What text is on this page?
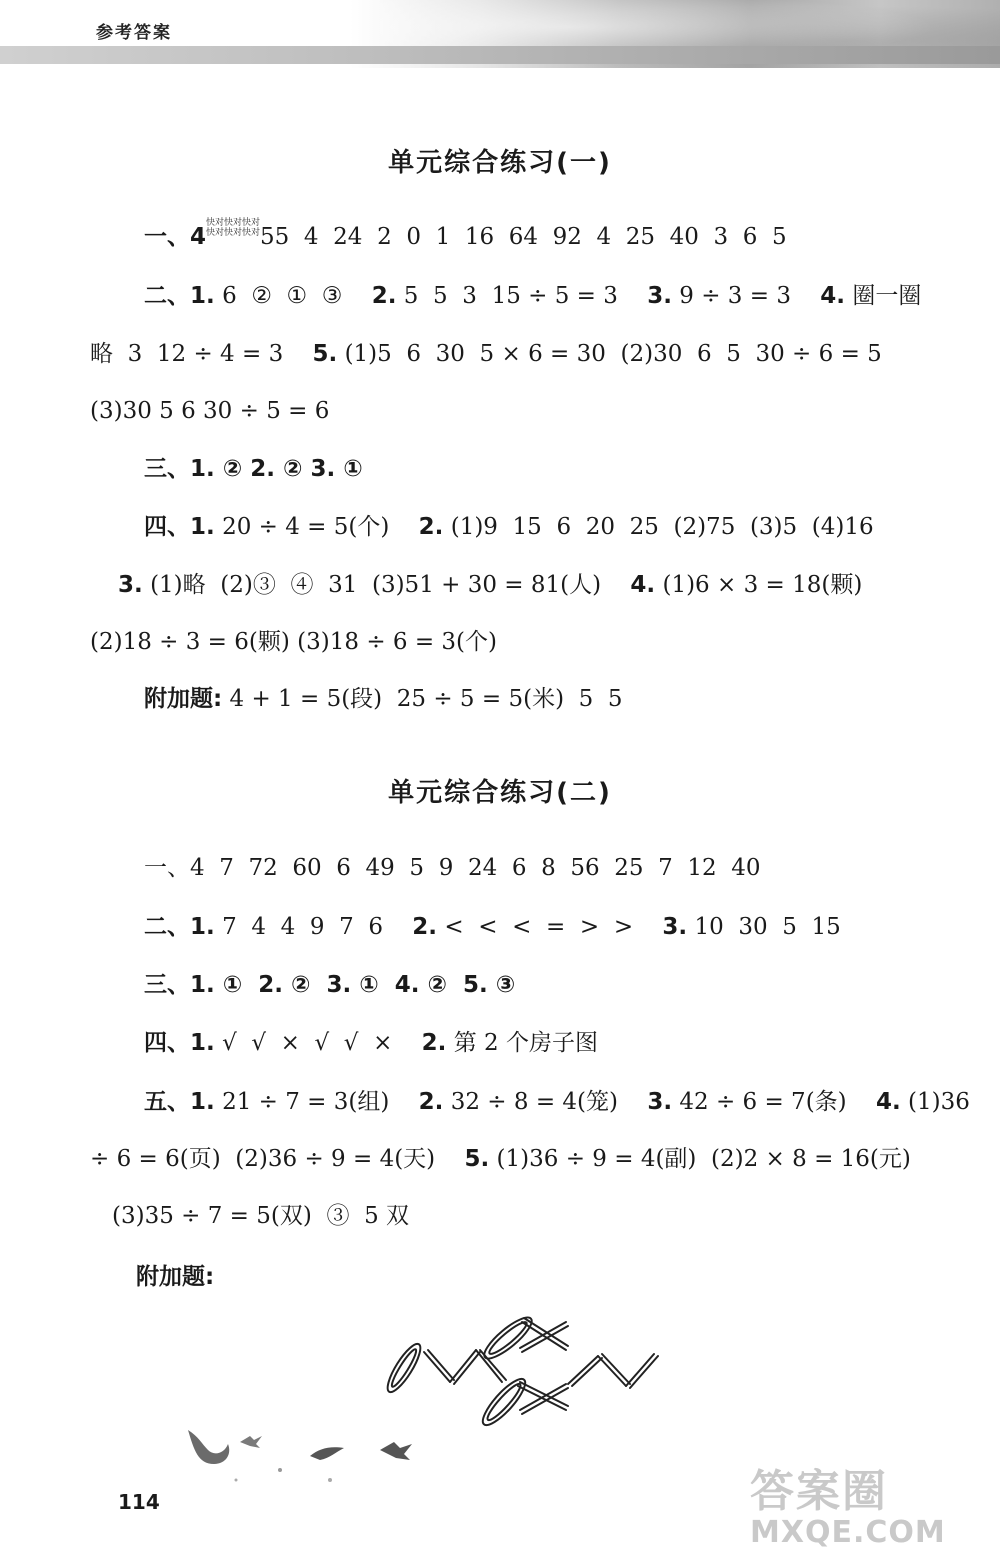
参考答案
单元综合练习(一)
一、4快对快对快对
快对快对快对55  4  24  2  0  1  16  64  92  4  25  40  3  6  5
二、1. 6  ②  ①  ③ 2. 5  5  3  15 ÷ 5 = 3 3. 9 ÷ 3 = 3 4. 圈一圈
略  3  12 ÷ 4 = 3 5. (1)5  6  30  5 × 6 = 30  (2)30  6  5  30 ÷ 6 = 5
(3)30 5 6 30 ÷ 5 = 6
三、1. ② 2. ② 3. ①
四、1. 20 ÷ 4 = 5(个) 2. (1)9  15  6  20  25  (2)75  (3)5  (4)16
3. (1)略  (2)③  ④  31  (3)51 + 30 = 81(人) 4. (1)6 × 3 = 18(颗)
(2)18 ÷ 3 = 6(颗) (3)18 ÷ 6 = 3(个)
附加题: 4 + 1 = 5(段)  25 ÷ 5 = 5(米)  5  5
单元综合练习(二)
一、4  7  72  60  6  49  5  9  24  6  8  56  25  7  12  40
二、1. 7  4  4  9  7  6 2. <  <  <  =  >  > 3. 10  30  5  15
三、1. ①  2. ②  3. ①  4. ②  5. ③
四、1. √  √  ×  √  √  × 2. 第 2 个房子图
五、1. 21 ÷ 7 = 3(组) 2. 32 ÷ 8 = 4(笼) 3. 42 ÷ 6 = 7(条) 4. (1)36
÷ 6 = 6(页)  (2)36 ÷ 9 = 4(天) 5. (1)36 ÷ 9 = 4(副)  (2)2 × 8 = 16(元)
(3)35 ÷ 7 = 5(双)  ③  5 双
附加题:
114	答案圈
MXQE.COM
